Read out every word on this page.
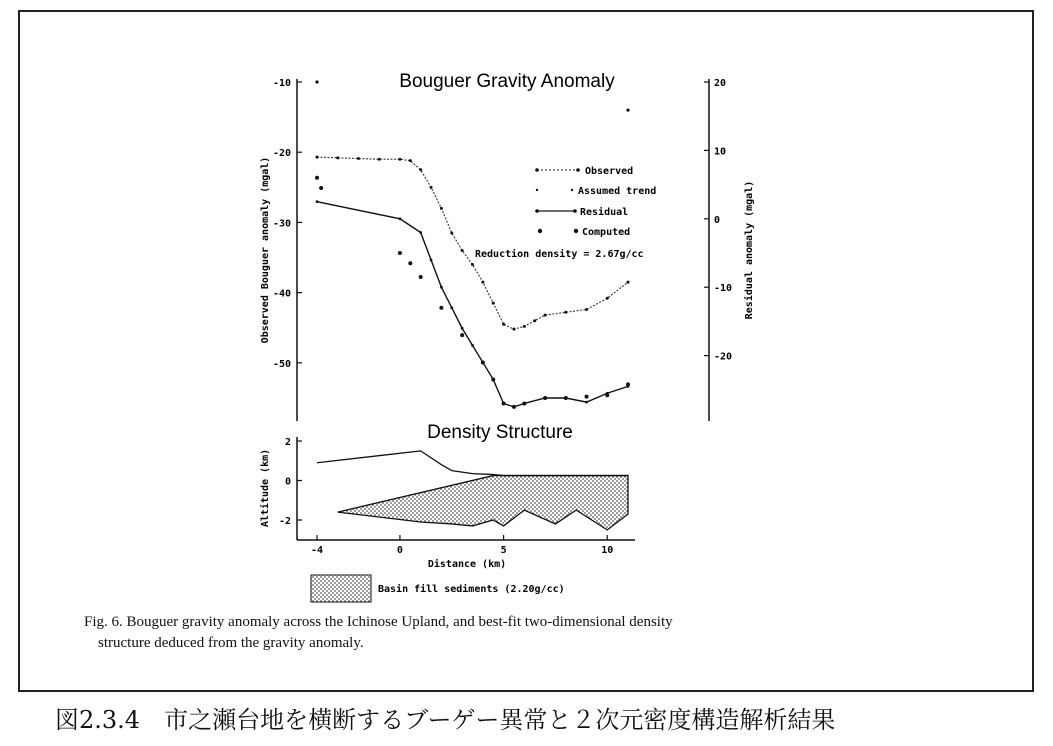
Bouguer Gravity Anomaly
-10
-20
-30
-40
-50
20
10
0
-10
-20
Observed Bouguer anomaly (mgal)	Residual anomaly (mgal)
Observed
Assumed trend
Residual
Computed
Reduction density = 2.67g/cc
Density Structure
2
0
-2
-4	0	5	10
Altitude (km)
Distance (km)
Basin fill sediments (2.20g/cc)
Fig. 6. Bouguer gravity anomaly across the Ichinose Upland, and best-fit two-dimensional density
structure deduced from the gravity anomaly.
図2.3.4　市之瀬台地を横断するブーゲー異常と２次元密度構造解析結果
